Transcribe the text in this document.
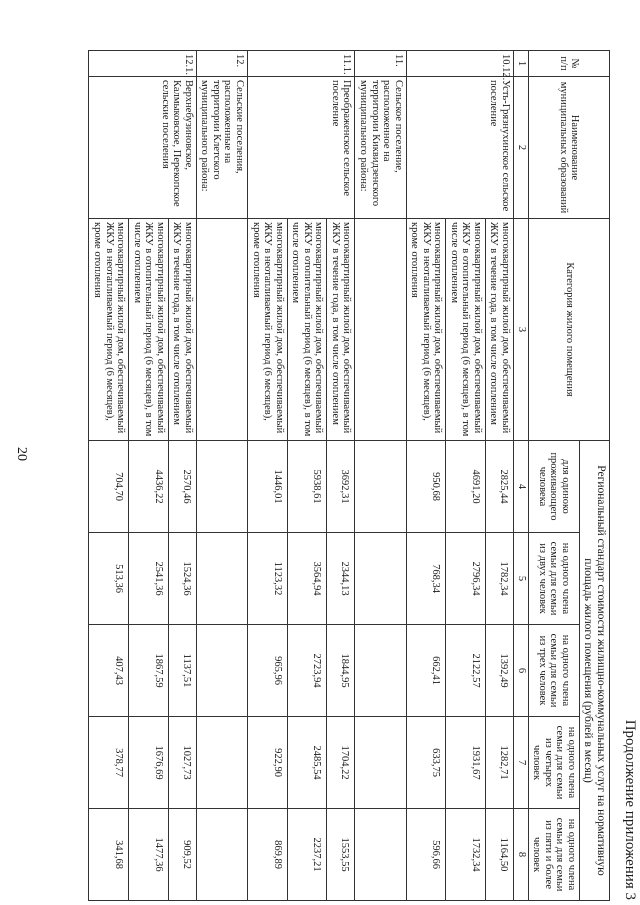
20
Продолжение приложения 3
№ п/п	Наименование муниципальных образований	Категория жилого помещения	Региональный стандарт стоимости жилищно-коммунальных услуг на нормативную площадь жилого помещения (рублей в месяц)				
			для одиноко проживающего человека	на одного члена семьи для семьи из двух человек	на одного члена семьи для семьи из трех человек	на одного члена семьи для семьи из четырех человек	на одного члена семьи для семьи из пяти и более человек
1	2	3	4	5	6	7	8
10.12.	Усть-Грязнухинское сельское поселение	многоквартирный жилой дом, обеспечиваемый ЖКУ в течение года, в том числе отоплением	2825,44	1782,34	1392,49	1282,71	1164,50
		многоквартирный жилой дом, обеспечиваемый ЖКУ в отопительный период (6 месяцев), в том числе отоплением	4691,20	2796,34	2122,57	1931,67	1732,34
		многоквартирный жилой дом, обеспечиваемый ЖКУ в неотапливаемый период (6 месяцев), кроме отопления	950,68	768,34	662,41	633,75	596,66
11.	Сельское поселение, расположенное на территории Киквидзенского муниципального района:						
11.1.	Преображенское сельское поселение	многоквартирный жилой дом, обеспечиваемый ЖКУ в течение года, в том числе отоплением	3692,31	2344,13	1844,95	1704,22	1553,55
		многоквартирный жилой дом, обеспечиваемый ЖКУ в отопительный период (6 месяцев), в том числе отоплением	5938,61	3564,94	2723,94	2485,54	2237,21
		многоквартирный жилой дом, обеспечиваемый ЖКУ в неотапливаемый период (6 месяцев), кроме отопления	1446,01	1123,32	965,96	922,90	869,89
12.	Сельские поселения, расположенные на территории Клетского муниципального района:						
12.1.	Верхнебузиновское, Калмыковское, Перекопское сельские поселения	многоквартирный жилой дом, обеспечиваемый ЖКУ в течение года, в том числе отоплением	2570,46	1524,36	1137,51	1027,73	909,52
		многоквартирный жилой дом, обеспечиваемый ЖКУ в отопительный период (6 месяцев), в том числе отоплением	4436,22	2541,36	1867,59	1676,69	1477,36
		многоквартирный жилой дом, обеспечиваемый ЖКУ в неотапливаемый период (6 месяцев), кроме отопления	704,70	513,36	407,43	378,77	341,68
